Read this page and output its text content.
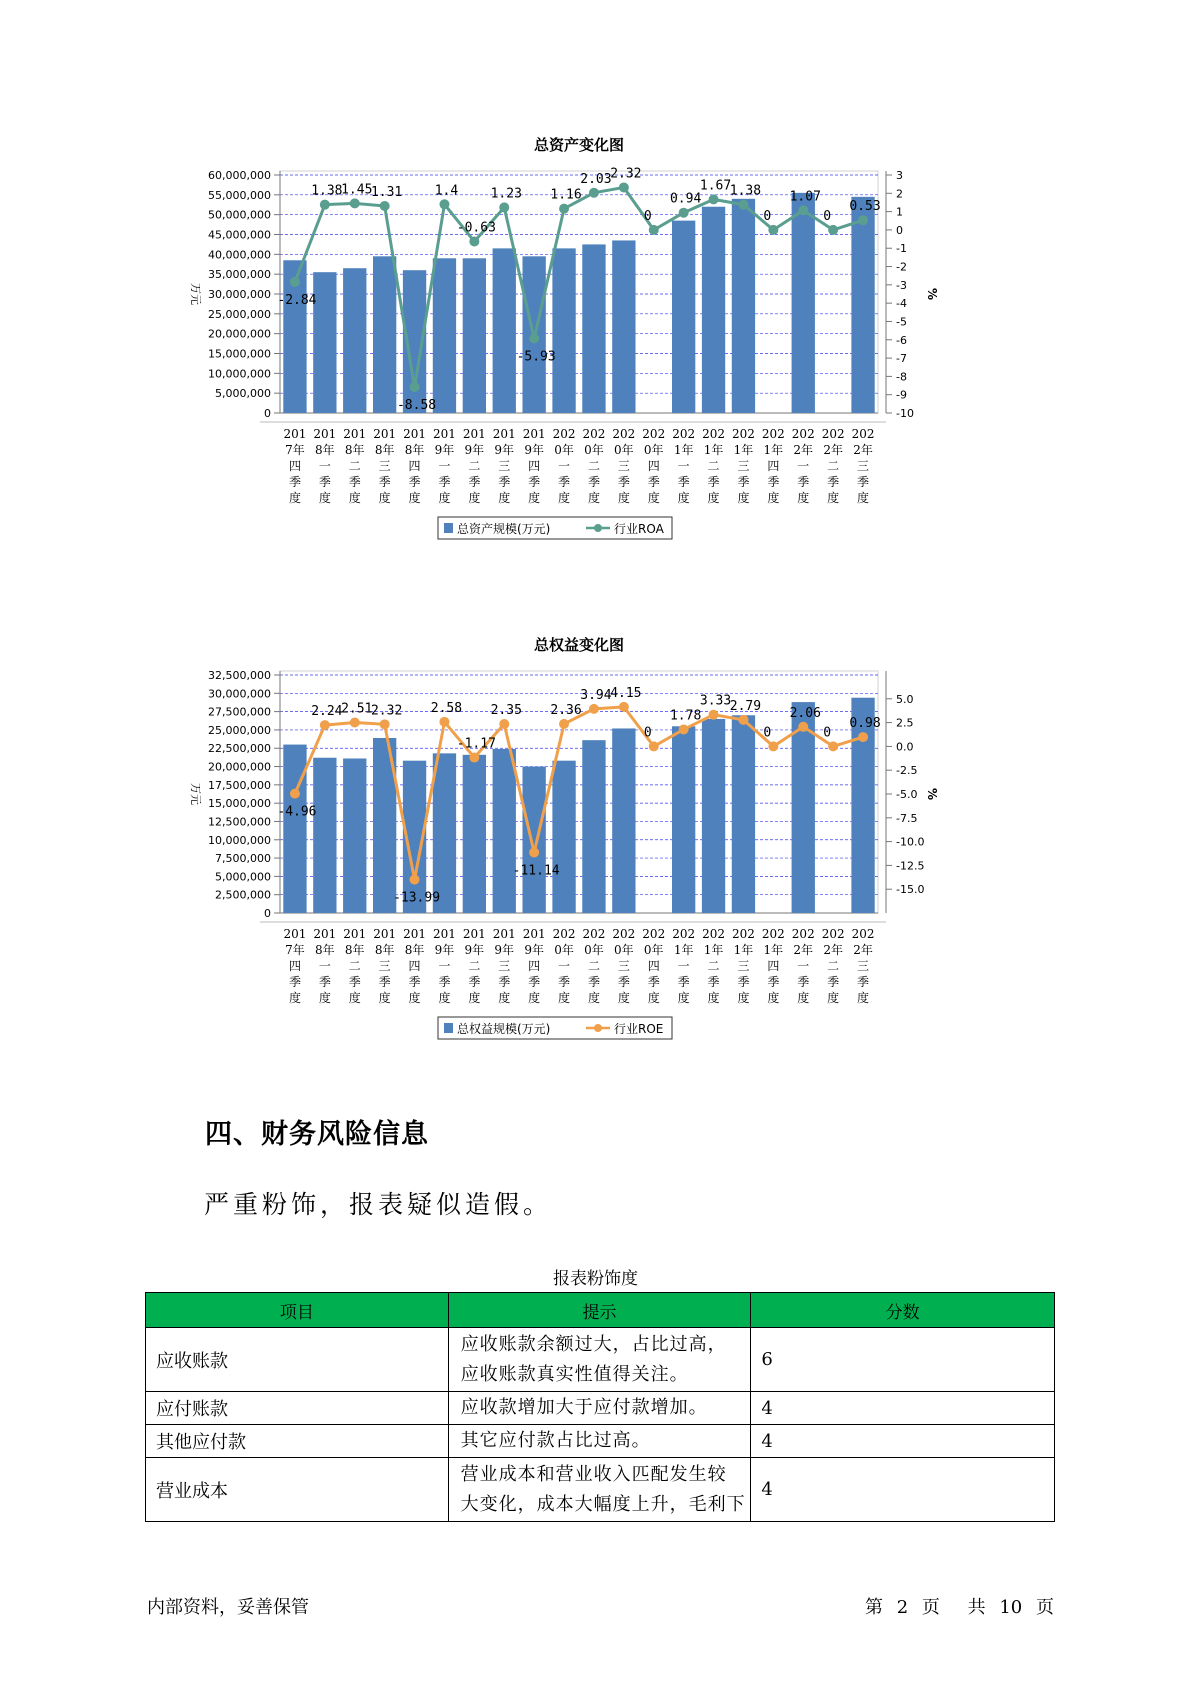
总资产变化图
60,000,000
55,000,000
50,000,000
45,000,000
40,000,000
35,000,000
30,000,000
25,000,000
20,000,000
15,000,000
10,000,000
5,000,000
0
万元
3
2
1
0
-1
-2
-3
-4
-5
-6
-7
-8
-9
-10
%
201
7年
四
季
度
201
8年
一
季
度
201
8年
二
季
度
201
8年
三
季
度
201
8年
四
季
度
201
9年
一
季
度
201
9年
二
季
度
201
9年
三
季
度
201
9年
四
季
度
202
0年
一
季
度
202
0年
二
季
度
202
0年
三
季
度
202
0年
四
季
度
202
1年
一
季
度
202
1年
二
季
度
202
1年
三
季
度
202
1年
四
季
度
202
2年
一
季
度
202
2年
二
季
度
202
2年
三
季
度
-2.84
1.38
1.45
1.31
-8.58
1.4
-0.63
1.23
-5.93
1.16
2.03
2.32
0
0.94
1.67
1.38
0
1.07
0
0.53
总资产规模(万元)	行业ROA
总权益变化图
32,500,000
30,000,000
27,500,000
25,000,000
22,500,000
20,000,000
17,500,000
15,000,000
12,500,000
10,000,000
7,500,000
5,000,000
2,500,000
0
万元
5.0
2.5
0.0
-2.5
-5.0
-7.5
-10.0
-12.5
-15.0
%
201
7年
四
季
度
201
8年
一
季
度
201
8年
二
季
度
201
8年
三
季
度
201
8年
四
季
度
201
9年
一
季
度
201
9年
二
季
度
201
9年
三
季
度
201
9年
四
季
度
202
0年
一
季
度
202
0年
二
季
度
202
0年
三
季
度
202
0年
四
季
度
202
1年
一
季
度
202
1年
二
季
度
202
1年
三
季
度
202
1年
四
季
度
202
2年
一
季
度
202
2年
二
季
度
202
2年
三
季
度
-4.96
2.24
2.51
2.32
-13.99
2.58
-1.17
2.35
-11.14
2.36
3.94
4.15
0
1.78
3.33
2.79
0
2.06
0
0.98
总权益规模(万元)	行业ROE
四、财务风险信息
严重粉饰，报表疑似造假。
报表粉饰度
项目	提示	分数
应收账款	应收账款余额过大，占比过高，
应收账款真实性值得关注。	6
应付账款	应收款增加大于应付款增加。	4
其他应付款	其它应付款占比过高。	4
营业成本	营业成本和营业收入匹配发生较
大变化，成本大幅度上升，毛利下	4
内部资料，妥善保管	第 2 页 共 10 页
